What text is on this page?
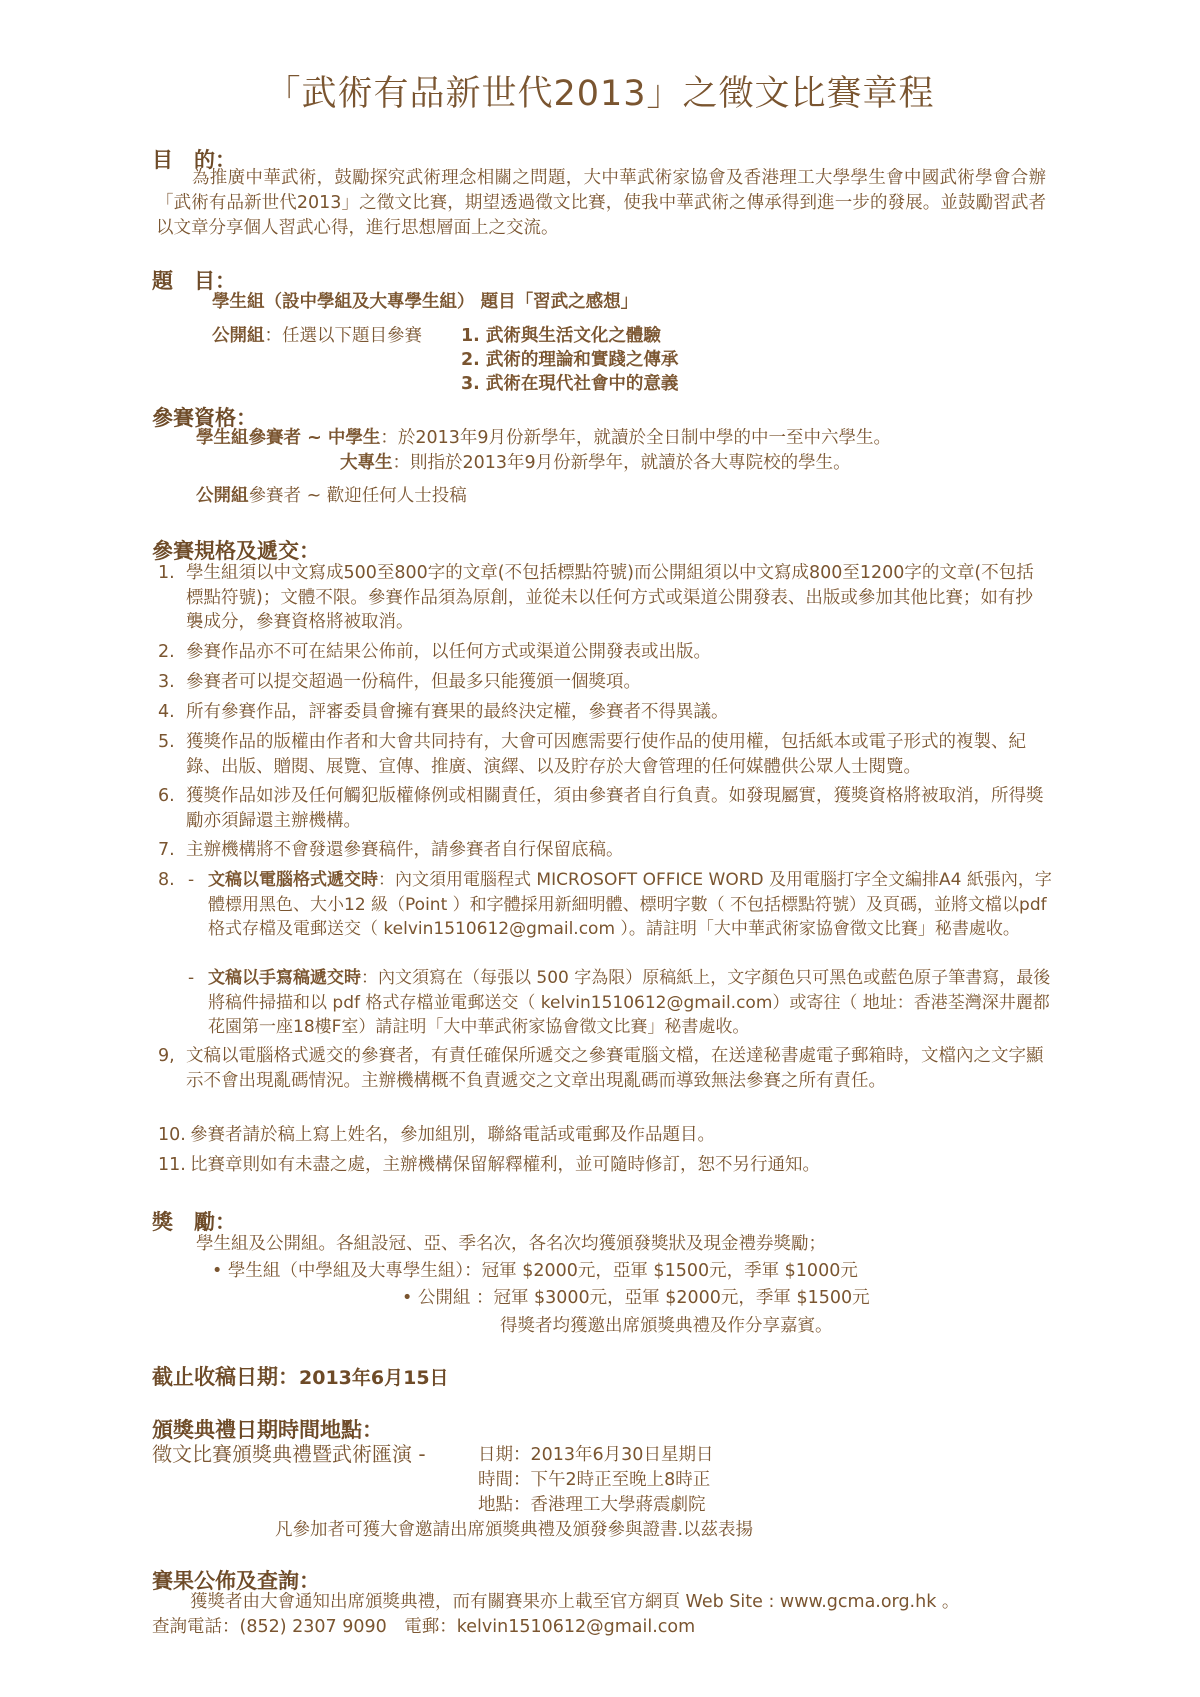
「武術有品新世代2013」之徵文比賽章程
目　的：
為推廣中華武術，鼓勵探究武術理念相關之問題，大中華武術家協會及香港理工大學學生會中國武術學會合辦「武術有品新世代2013」之徵文比賽，期望透過徵文比賽，使我中華武術之傳承得到進一步的發展。並鼓勵習武者以文章分享個人習武心得，進行思想層面上之交流。
題　目：
學生組（設中學組及大專學生組） 題目「習武之感想」
公開組：任選以下題目參賽 1. 武術與生活文化之體驗
2. 武術的理論和實踐之傳承
3. 武術在現代社會中的意義
參賽資格：
學生組參賽者 ~ 中學生：於2013年9月份新學年，就讀於全日制中學的中一至中六學生。
大專生：則指於2013年9月份新學年，就讀於各大專院校的學生。
公開組參賽者 ~ 歡迎任何人士投稿
參賽規格及遞交：
1. 學生組須以中文寫成500至800字的文章(不包括標點符號)而公開組須以中文寫成800至1200字的文章(不包括標點符號)；文體不限。參賽作品須為原創，並從未以任何方式或渠道公開發表、出版或參加其他比賽；如有抄襲成分，參賽資格將被取消。
2. 參賽作品亦不可在結果公佈前，以任何方式或渠道公開發表或出版。
3. 參賽者可以提交超過一份稿件，但最多只能獲頒一個獎項。
4. 所有參賽作品，評審委員會擁有賽果的最終決定權，參賽者不得異議。
5. 獲獎作品的版權由作者和大會共同持有，大會可因應需要行使作品的使用權，包括紙本或電子形式的複製、紀錄、出版、贈閱、展覽、宣傳、推廣、演繹、以及貯存於大會管理的任何媒體供公眾人士閱覽。
6. 獲獎作品如涉及任何觸犯版權條例或相關責任，須由參賽者自行負責。如發現屬實，獲獎資格將被取消，所得獎勵亦須歸還主辦機構。
7. 主辦機構將不會發還參賽稿件，請參賽者自行保留底稿。
8. - 文稿以電腦格式遞交時：內文須用電腦程式 MICROSOFT OFFICE WORD 及用電腦打字全文編排A4 紙張內，字體標用黑色、大小12 級（Point ）和字體採用新細明體、標明字數（ 不包括標點符號）及頁碼，並將文檔以pdf 格式存檔及電郵送交（ kelvin1510612@gmail.com ）。請註明「大中華武術家協會徵文比賽」秘書處收。
- 文稿以手寫稿遞交時：內文須寫在（每張以 500 字為限）原稿紙上，文字顏色只可黑色或藍色原子筆書寫，最後將稿件掃描和以 pdf 格式存檔並電郵送交（ kelvin1510612@gmail.com）或寄往（ 地址：香港荃灣深井麗都花園第一座18樓F室）請註明「大中華武術家協會徵文比賽」秘書處收。
9, 文稿以電腦格式遞交的參賽者，有責任確保所遞交之參賽電腦文檔，在送達秘書處電子郵箱時，文檔內之文字顯示不會出現亂碼情況。主辦機構概不負責遞交之文章出現亂碼而導致無法參賽之所有責任。
10. 參賽者請於稿上寫上姓名，參加組別，聯絡電話或電郵及作品題目。
11. 比賽章則如有未盡之處，主辦機構保留解釋權利，並可隨時修訂，恕不另行通知。
獎　勵：
學生組及公開組。各組設冠、亞、季名次，各名次均獲頒發獎狀及現金禮券獎勵；
• 學生組（中學組及大專學生組）：冠軍 $2000元，亞軍 $1500元，季軍 $1000元
• 公開組 ：冠軍 $3000元，亞軍 $2000元，季軍 $1500元
得獎者均獲邀出席頒獎典禮及作分享嘉賓。
截止收稿日期：2013年6月15日
頒獎典禮日期時間地點：
徵文比賽頒獎典禮暨武術匯演 -	日期：2013年6月30日星期日
時間：下午2時正至晚上8時正
地點：香港理工大學蔣震劇院
凡參加者可獲大會邀請出席頒獎典禮及頒發參與證書.以茲表揚
賽果公佈及查詢：
獲獎者由大會通知出席頒獎典禮，而有關賽果亦上載至官方網頁 Web Site : www.gcma.org.hk 。
查詢電話：(852) 2307 9090　電郵：kelvin1510612@gmail.com
